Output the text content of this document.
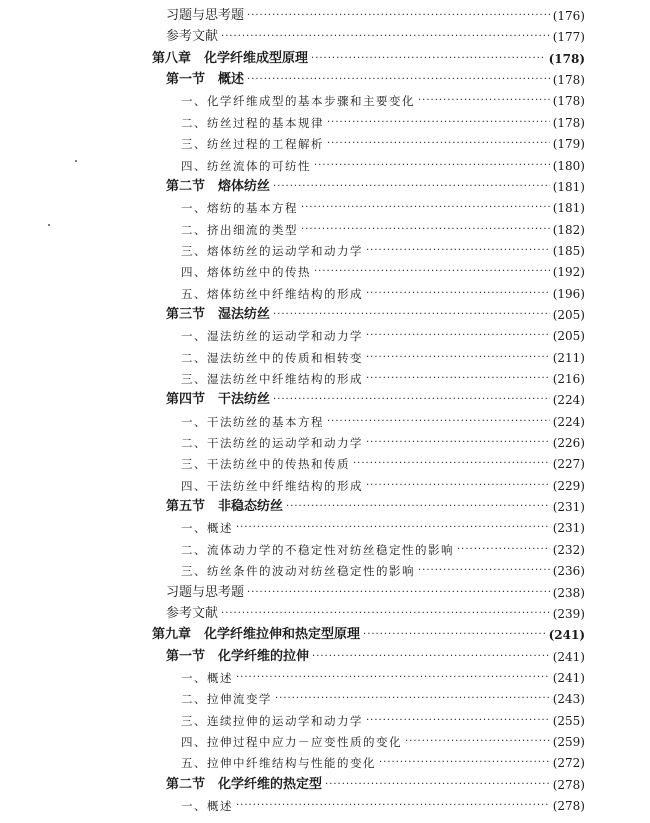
习题与思考题 ·····	(176)
参考文献 ·····	(177)
第八章　化学纤维成型原理 ·····	(178)
第一节　概述 ·····	(178)
一、化学纤维成型的基本步骤和主要变化 ·····	(178)
二、纺丝过程的基本规律 ·····	(178)
三、纺丝过程的工程解析 ·····	(179)
四、纺丝流体的可纺性 ·····	(180)
第二节　熔体纺丝 ·····	(181)
一、熔纺的基本方程 ·····	(181)
二、挤出细流的类型 ·····	(182)
三、熔体纺丝的运动学和动力学 ·····	(185)
四、熔体纺丝中的传热 ·····	(192)
五、熔体纺丝中纤维结构的形成 ·····	(196)
第三节　湿法纺丝 ·····	(205)
一、湿法纺丝的运动学和动力学 ·····	(205)
二、湿法纺丝中的传质和相转变 ·····	(211)
三、湿法纺丝中纤维结构的形成 ·····	(216)
第四节　干法纺丝 ·····	(224)
一、干法纺丝的基本方程 ·····	(224)
二、干法纺丝的运动学和动力学 ·····	(226)
三、干法纺丝中的传热和传质 ·····	(227)
四、干法纺丝中纤维结构的形成 ·····	(229)
第五节　非稳态纺丝 ·····	(231)
一、概述 ·····	(231)
二、流体动力学的不稳定性对纺丝稳定性的影响 ·····	(232)
三、纺丝条件的波动对纺丝稳定性的影响 ·····	(236)
习题与思考题 ·····	(238)
参考文献 ·····	(239)
第九章　化学纤维拉伸和热定型原理 ·····	(241)
第一节　化学纤维的拉伸 ·····	(241)
一、概述 ·····	(241)
二、拉伸流变学 ·····	(243)
三、连续拉伸的运动学和动力学 ·····	(255)
四、拉伸过程中应力－应变性质的变化 ·····	(259)
五、拉伸中纤维结构与性能的变化 ·····	(272)
第二节　化学纤维的热定型 ·····	(278)
一、概述 ·····	(278)
